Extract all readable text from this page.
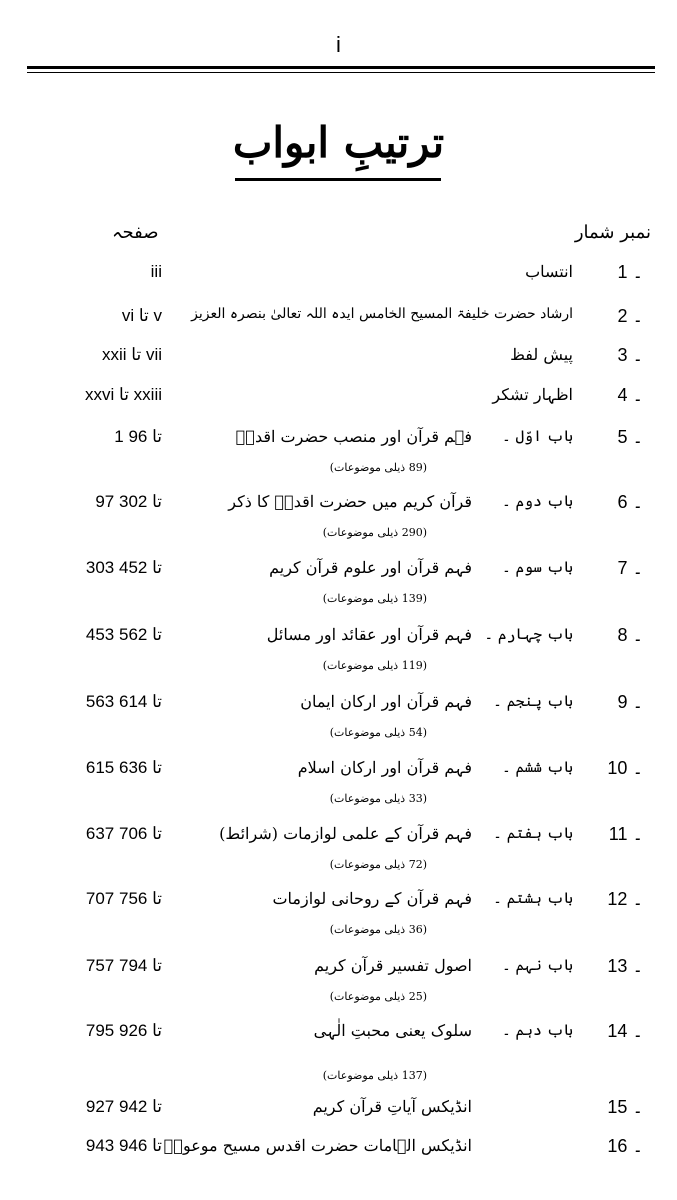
i
ترتیبِ ابواب
نمبر شمار
صفحہ
1 ۔
انتساب
iii
2 ۔
ارشاد حضرت خلیفۃ المسیح الخامس ایدہ اللہ تعالیٰ بنصرہ العزیز
vi تا v
3 ۔
پیش لفظ
xxii تا vii
4 ۔
اظہار تشکر
xxvi تا xxiii
5 ۔
باب اوّل ۔
فہم قرآن اور منصب حضرت اقدسؑ
1 تا 96
(89 ذیلی موضوعات)
6 ۔
باب دوم ۔
قرآن کریم میں حضرت اقدسؑ کا ذکر
97 تا 302
(290 ذیلی موضوعات)
7 ۔
باب سوم ۔
فہم قرآن اور علوم قرآن کریم
303 تا 452
(139 ذیلی موضوعات)
8 ۔
باب چہارم ۔
فہم قرآن اور عقائد اور مسائل
453 تا 562
(119 ذیلی موضوعات)
9 ۔
باب پنجم ۔
فہم قرآن اور ارکان ایمان
563 تا 614
(54 ذیلی موضوعات)
10 ۔
باب ششم ۔
فہم قرآن اور ارکان اسلام
615 تا 636
(33 ذیلی موضوعات)
11 ۔
باب ہفتم ۔
فہم قرآن کے علمی لوازمات (شرائط)
637 تا 706
(72 ذیلی موضوعات)
12 ۔
باب ہشتم ۔
فہم قرآن کے روحانی لوازمات
707 تا 756
(36 ذیلی موضوعات)
13 ۔
باب نہم ۔
اصول تفسیر قرآن کریم
757 تا 794
(25 ذیلی موضوعات)
14 ۔
باب دہم ۔
سلوک یعنی محبتِ الٰہی
795 تا 926
(137 ذیلی موضوعات)
15 ۔
انڈیکس آیاتِ قرآن کریم
927 تا 942
16 ۔
انڈیکس الہامات حضرت اقدس مسیح موعودؑ
943 تا 946
